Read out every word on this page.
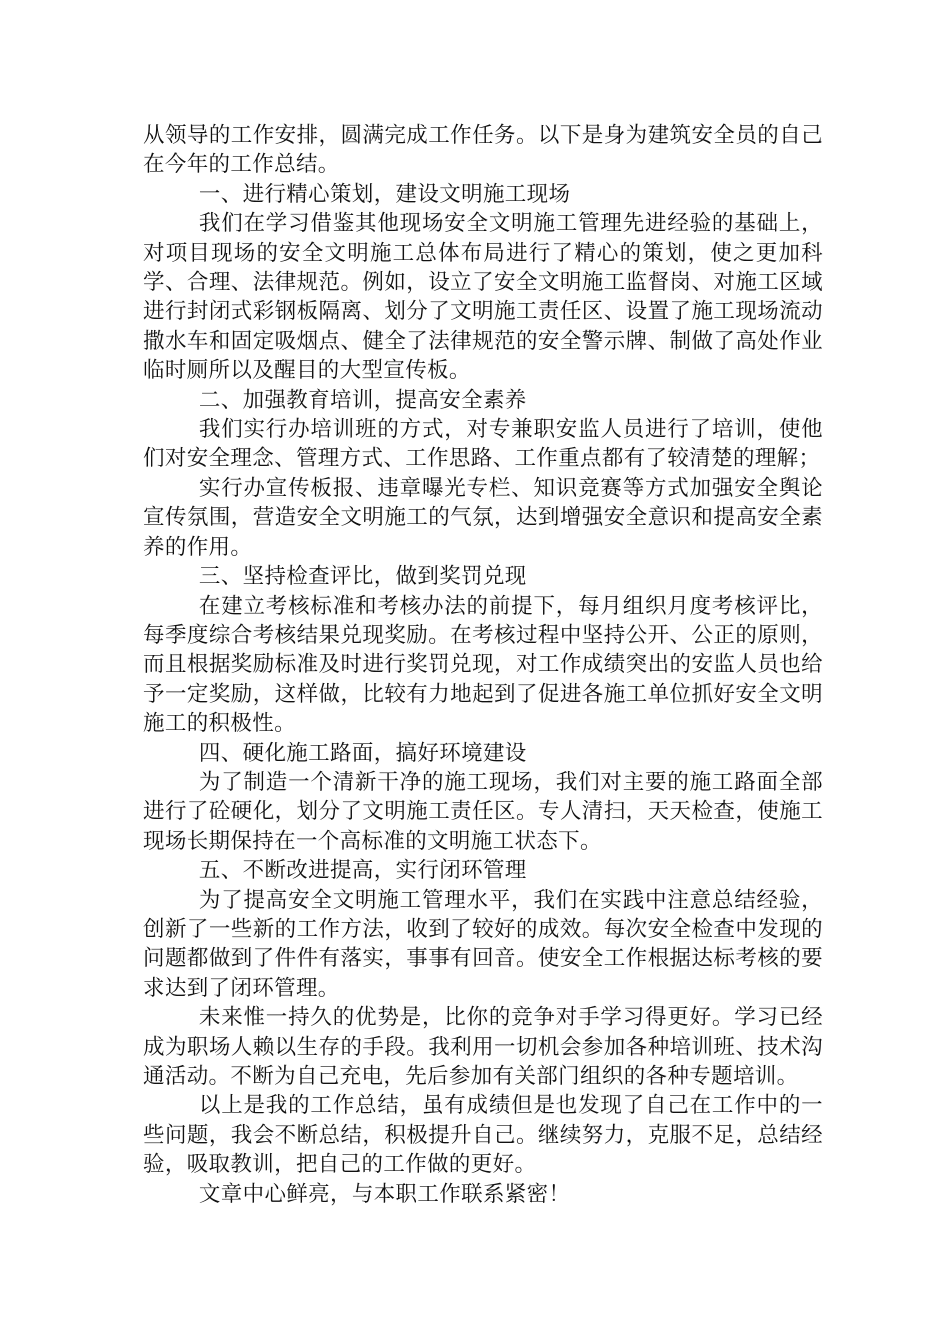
从领导的工作安排，圆满完成工作任务。以下是身为建筑安全员的自己在今年的工作总结。

一、进行精心策划，建设文明施工现场

我们在学习借鉴其他现场安全文明施工管理先进经验的基础上，对项目现场的安全文明施工总体布局进行了精心的策划，使之更加科学、合理、法律规范。例如，设立了安全文明施工监督岗、对施工区域进行封闭式彩钢板隔离、划分了文明施工责任区、设置了施工现场流动撒水车和固定吸烟点、健全了法律规范的安全警示牌、制做了高处作业临时厕所以及醒目的大型宣传板。

二、加强教育培训，提高安全素养

我们实行办培训班的方式，对专兼职安监人员进行了培训，使他们对安全理念、管理方式、工作思路、工作重点都有了较清楚的理解；

实行办宣传板报、违章曝光专栏、知识竞赛等方式加强安全舆论宣传氛围，营造安全文明施工的气氛，达到增强安全意识和提高安全素养的作用。

三、坚持检查评比，做到奖罚兑现

在建立考核标准和考核办法的前提下，每月组织月度考核评比，每季度综合考核结果兑现奖励。在考核过程中坚持公开、公正的原则，而且根据奖励标准及时进行奖罚兑现，对工作成绩突出的安监人员也给予一定奖励，这样做，比较有力地起到了促进各施工单位抓好安全文明施工的积极性。

四、硬化施工路面，搞好环境建设

为了制造一个清新干净的施工现场，我们对主要的施工路面全部进行了砼硬化，划分了文明施工责任区。专人清扫，天天检查，使施工现场长期保持在一个高标准的文明施工状态下。

五、不断改进提高，实行闭环管理

为了提高安全文明施工管理水平，我们在实践中注意总结经验，创新了一些新的工作方法，收到了较好的成效。每次安全检查中发现的问题都做到了件件有落实，事事有回音。使安全工作根据达标考核的要求达到了闭环管理。

未来惟一持久的优势是，比你的竞争对手学习得更好。学习已经成为职场人赖以生存的手段。我利用一切机会参加各种培训班、技术沟通活动。不断为自己充电，先后参加有关部门组织的各种专题培训。

以上是我的工作总结，虽有成绩但是也发现了自己在工作中的一些问题，我会不断总结，积极提升自己。继续努力，克服不足，总结经验，吸取教训，把自己的工作做的更好。

文章中心鲜亮，与本职工作联系紧密！
